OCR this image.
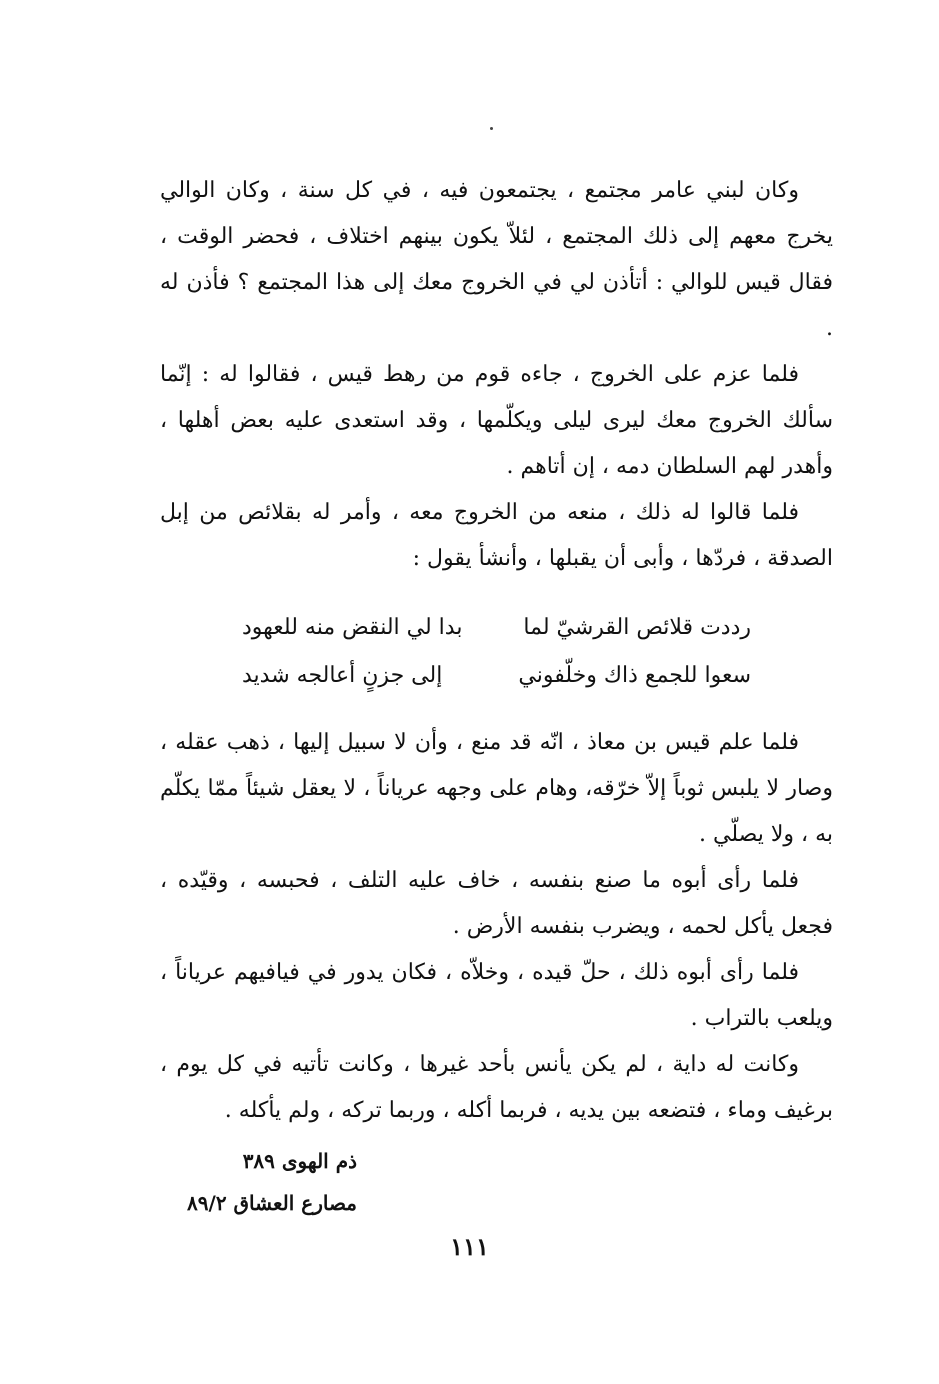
وكان لبني عامر مجتمع ، يجتمعون فيه ، في كل سنة ، وكان الوالي يخرج معهم إلى ذلك المجتمع ، لئلاّ يكون بينهم اختلاف ، فحضر الوقت ، فقال قيس للوالي : أتأذن لي في الخروج معك إلى هذا المجتمع ؟ فأذن له .

فلما عزم على الخروج ، جاءه قوم من رهط قيس ، فقالوا له : إنّما سألك الخروج معك ليرى ليلى ويكلّمها ، وقد استعدى عليه بعض أهلها ، وأهدر لهم السلطان دمه ، إن أتاهم .

فلما قالوا له ذلك ، منعه من الخروج معه ، وأمر له بقلائص من إبل الصدقة ، فردّها ، وأبى أن يقبلها ، وأنشأ يقول :

رددت قلائص القرشيّ لما
بدا لي النقض منه للعهود
سعوا للجمع ذاك وخلّفوني
إلى جزنٍ أعالجه شديد

فلما علم قيس بن معاذ ، انّه قد منع ، وأن لا سبيل إليها ، ذهب عقله ، وصار لا يلبس ثوباً إلاّ خرّقه، وهام على وجهه عرياناً ، لا يعقل شيئاً ممّا يكلّم به ، ولا يصلّي .

فلما رأى أبوه ما صنع بنفسه ، خاف عليه التلف ، فحبسه ، وقيّده ، فجعل يأكل لحمه ، ويضرب بنفسه الأرض .

فلما رأى أبوه ذلك ، حلّ قيده ، وخلاّه ، فكان يدور في فيافيهم عرياناً ، ويلعب بالتراب .

وكانت له داية ، لم يكن يأنس بأحد غيرها ، وكانت تأتيه في كل يوم ، برغيف وماء ، فتضعه بين يديه ، فربما أكله ، وربما تركه ، ولم يأكله .

ذم الهوى ٣٨٩
مصارع العشاق ٨٩/٢
١١١
